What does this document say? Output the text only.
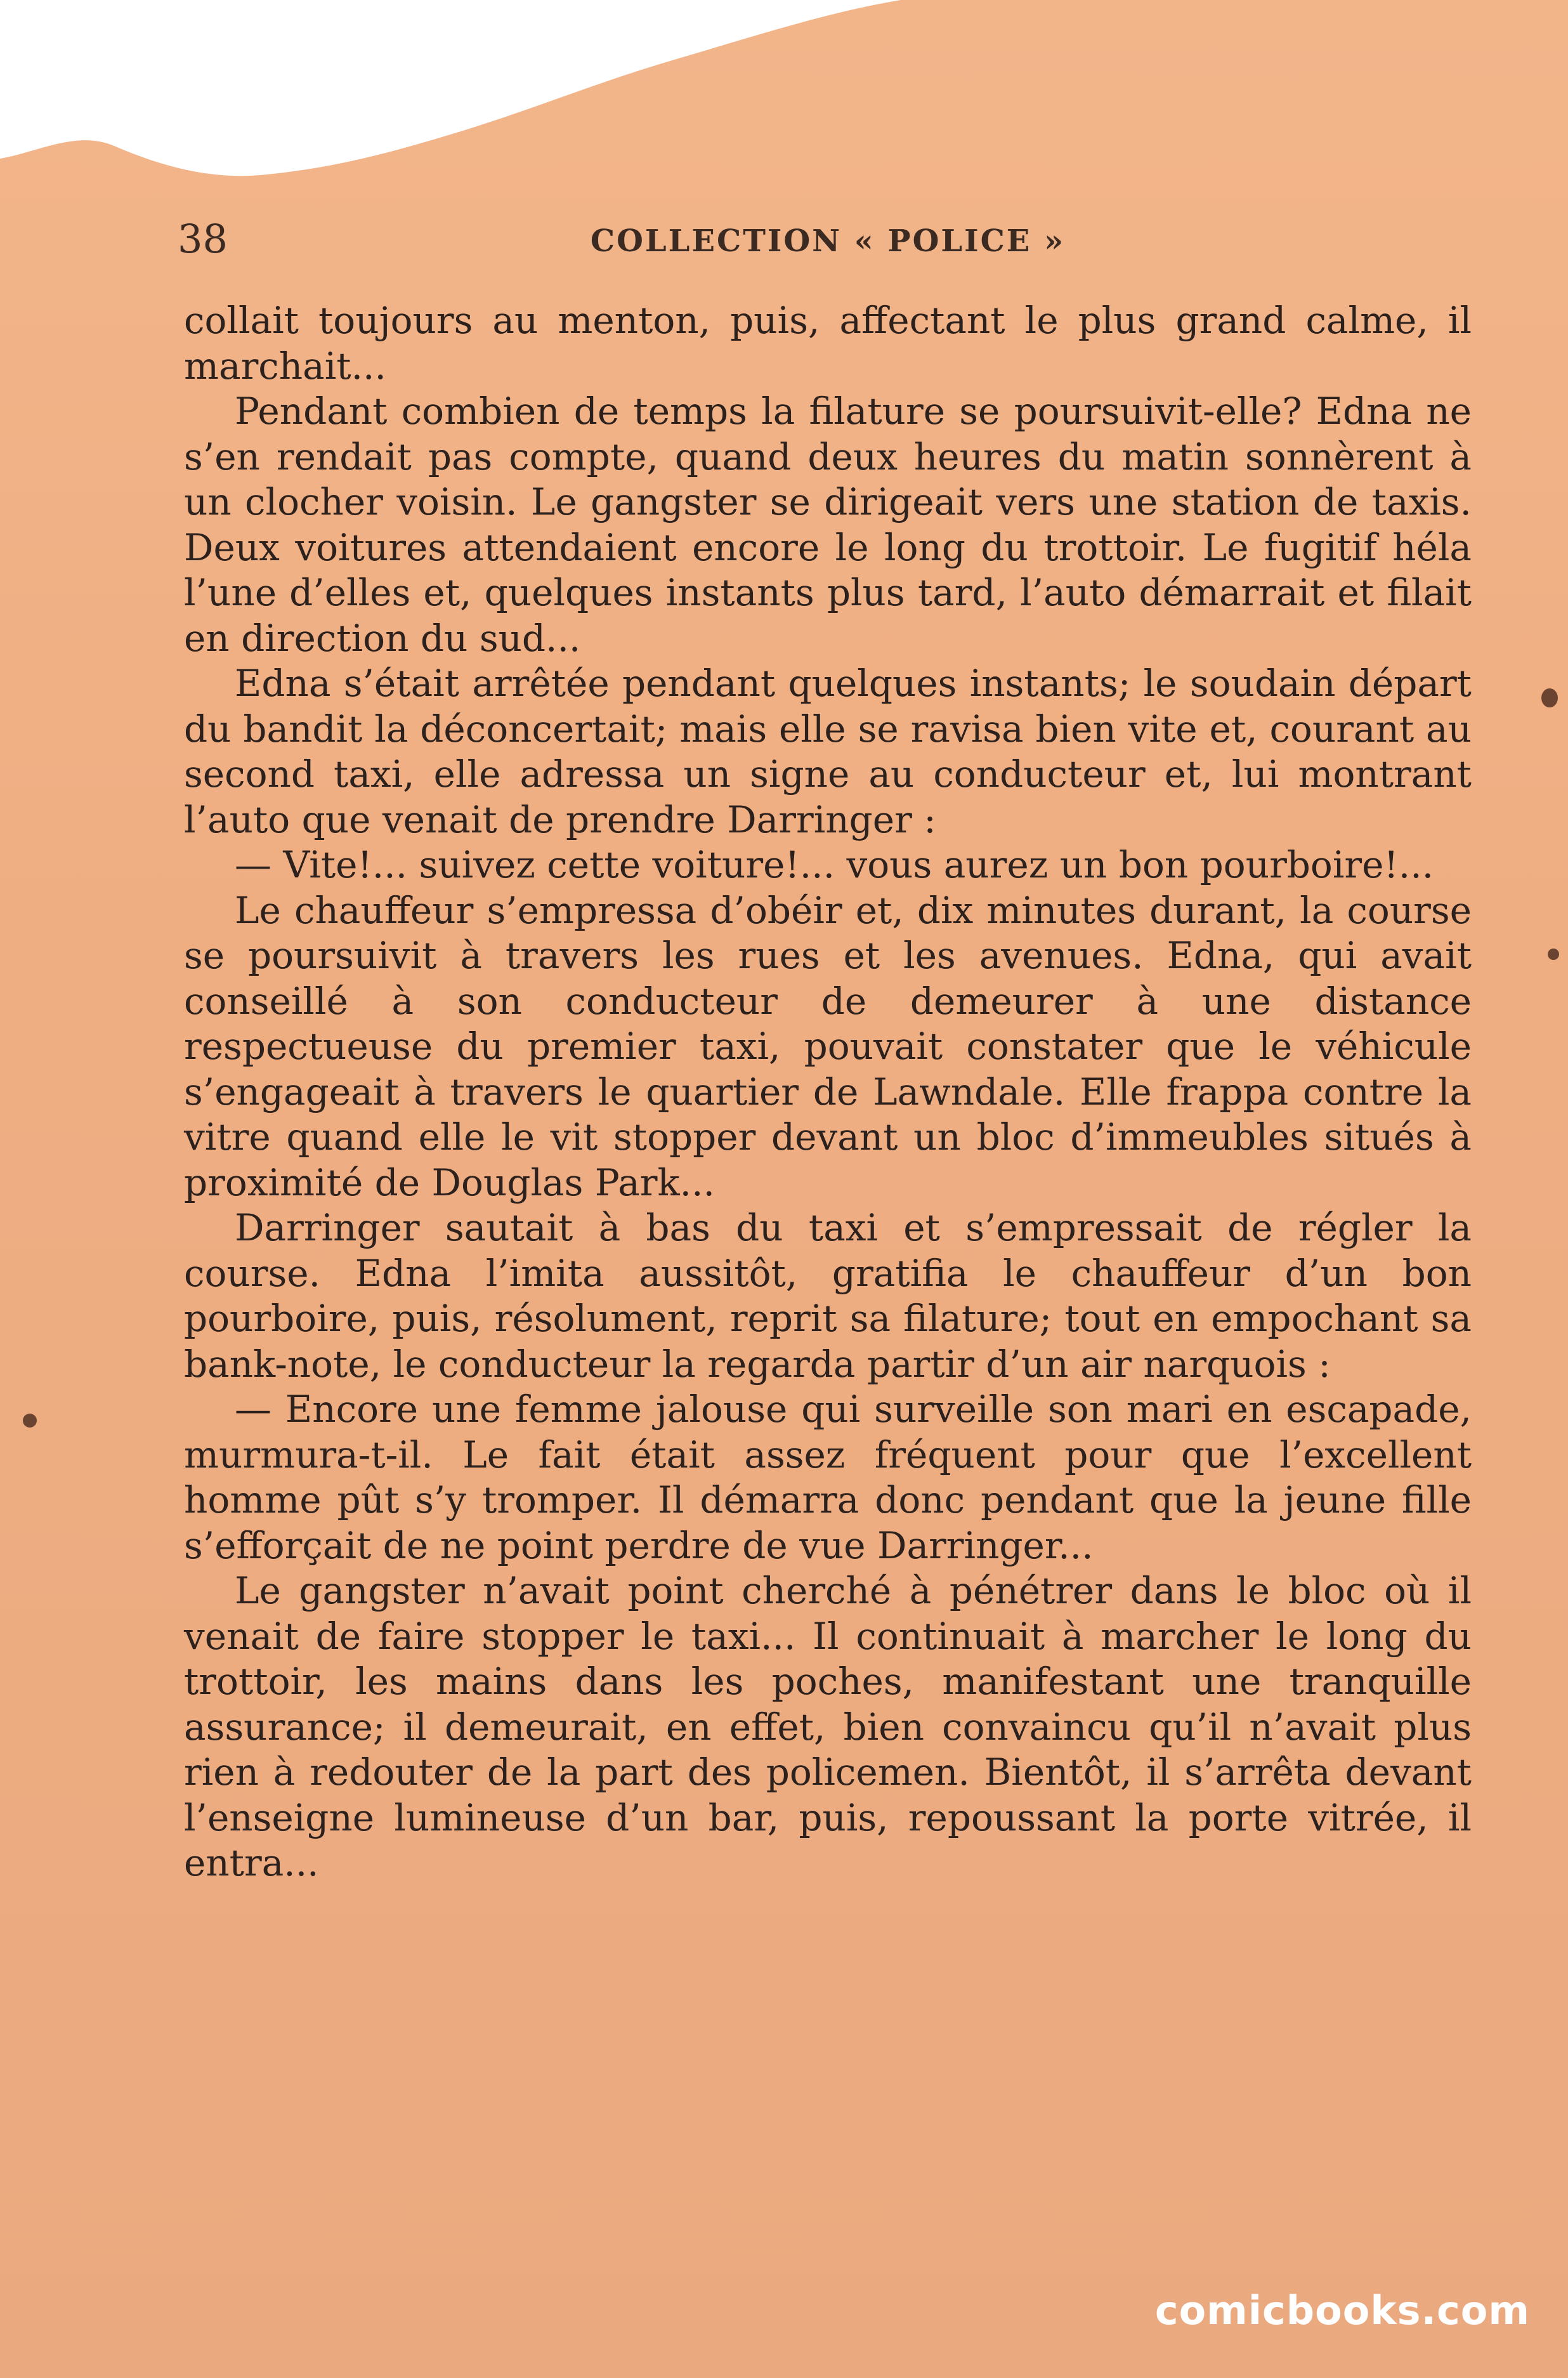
38	COLLECTION « POLICE »

collait toujours au menton, puis, affectant le plus grand calme, il marchait...

Pendant combien de temps la filature se poursuivit-elle? Edna ne s’en rendait pas compte, quand deux heures du matin sonnèrent à un clocher voisin. Le gangster se dirigeait vers une station de taxis. Deux voitures attendaient encore le long du trottoir. Le fugitif héla l’une d’elles et, quelques instants plus tard, l’auto démarrait et filait en direction du sud...

Edna s’était arrêtée pendant quelques instants; le soudain départ du bandit la déconcertait; mais elle se ravisa bien vite et, courant au second taxi, elle adressa un signe au conducteur et, lui montrant l’auto que venait de prendre Darringer :

— Vite!... suivez cette voiture!... vous aurez un bon pourboire!...

Le chauffeur s’empressa d’obéir et, dix minutes durant, la course se poursuivit à travers les rues et les avenues. Edna, qui avait conseillé à son conducteur de demeurer à une distance respectueuse du premier taxi, pouvait constater que le véhicule s’engageait à travers le quartier de Lawndale. Elle frappa contre la vitre quand elle le vit stopper devant un bloc d’immeubles situés à proximité de Douglas Park...

Darringer sautait à bas du taxi et s’empressait de régler la course. Edna l’imita aussitôt, gratifia le chauffeur d’un bon pourboire, puis, résolument, reprit sa filature; tout en empochant sa bank-note, le conducteur la regarda partir d’un air narquois :

— Encore une femme jalouse qui surveille son mari en escapade, murmura-t-il. Le fait était assez fréquent pour que l’excellent homme pût s’y tromper. Il démarra donc pendant que la jeune fille s’efforçait de ne point perdre de vue Darringer...

Le gangster n’avait point cherché à pénétrer dans le bloc où il venait de faire stopper le taxi... Il continuait à marcher le long du trottoir, les mains dans les poches, manifestant une tranquille assurance; il demeurait, en effet, bien convaincu qu’il n’avait plus rien à redouter de la part des policemen. Bientôt, il s’arrêta devant l’enseigne lumineuse d’un bar, puis, repoussant la porte vitrée, il entra...

comicbooks.com
